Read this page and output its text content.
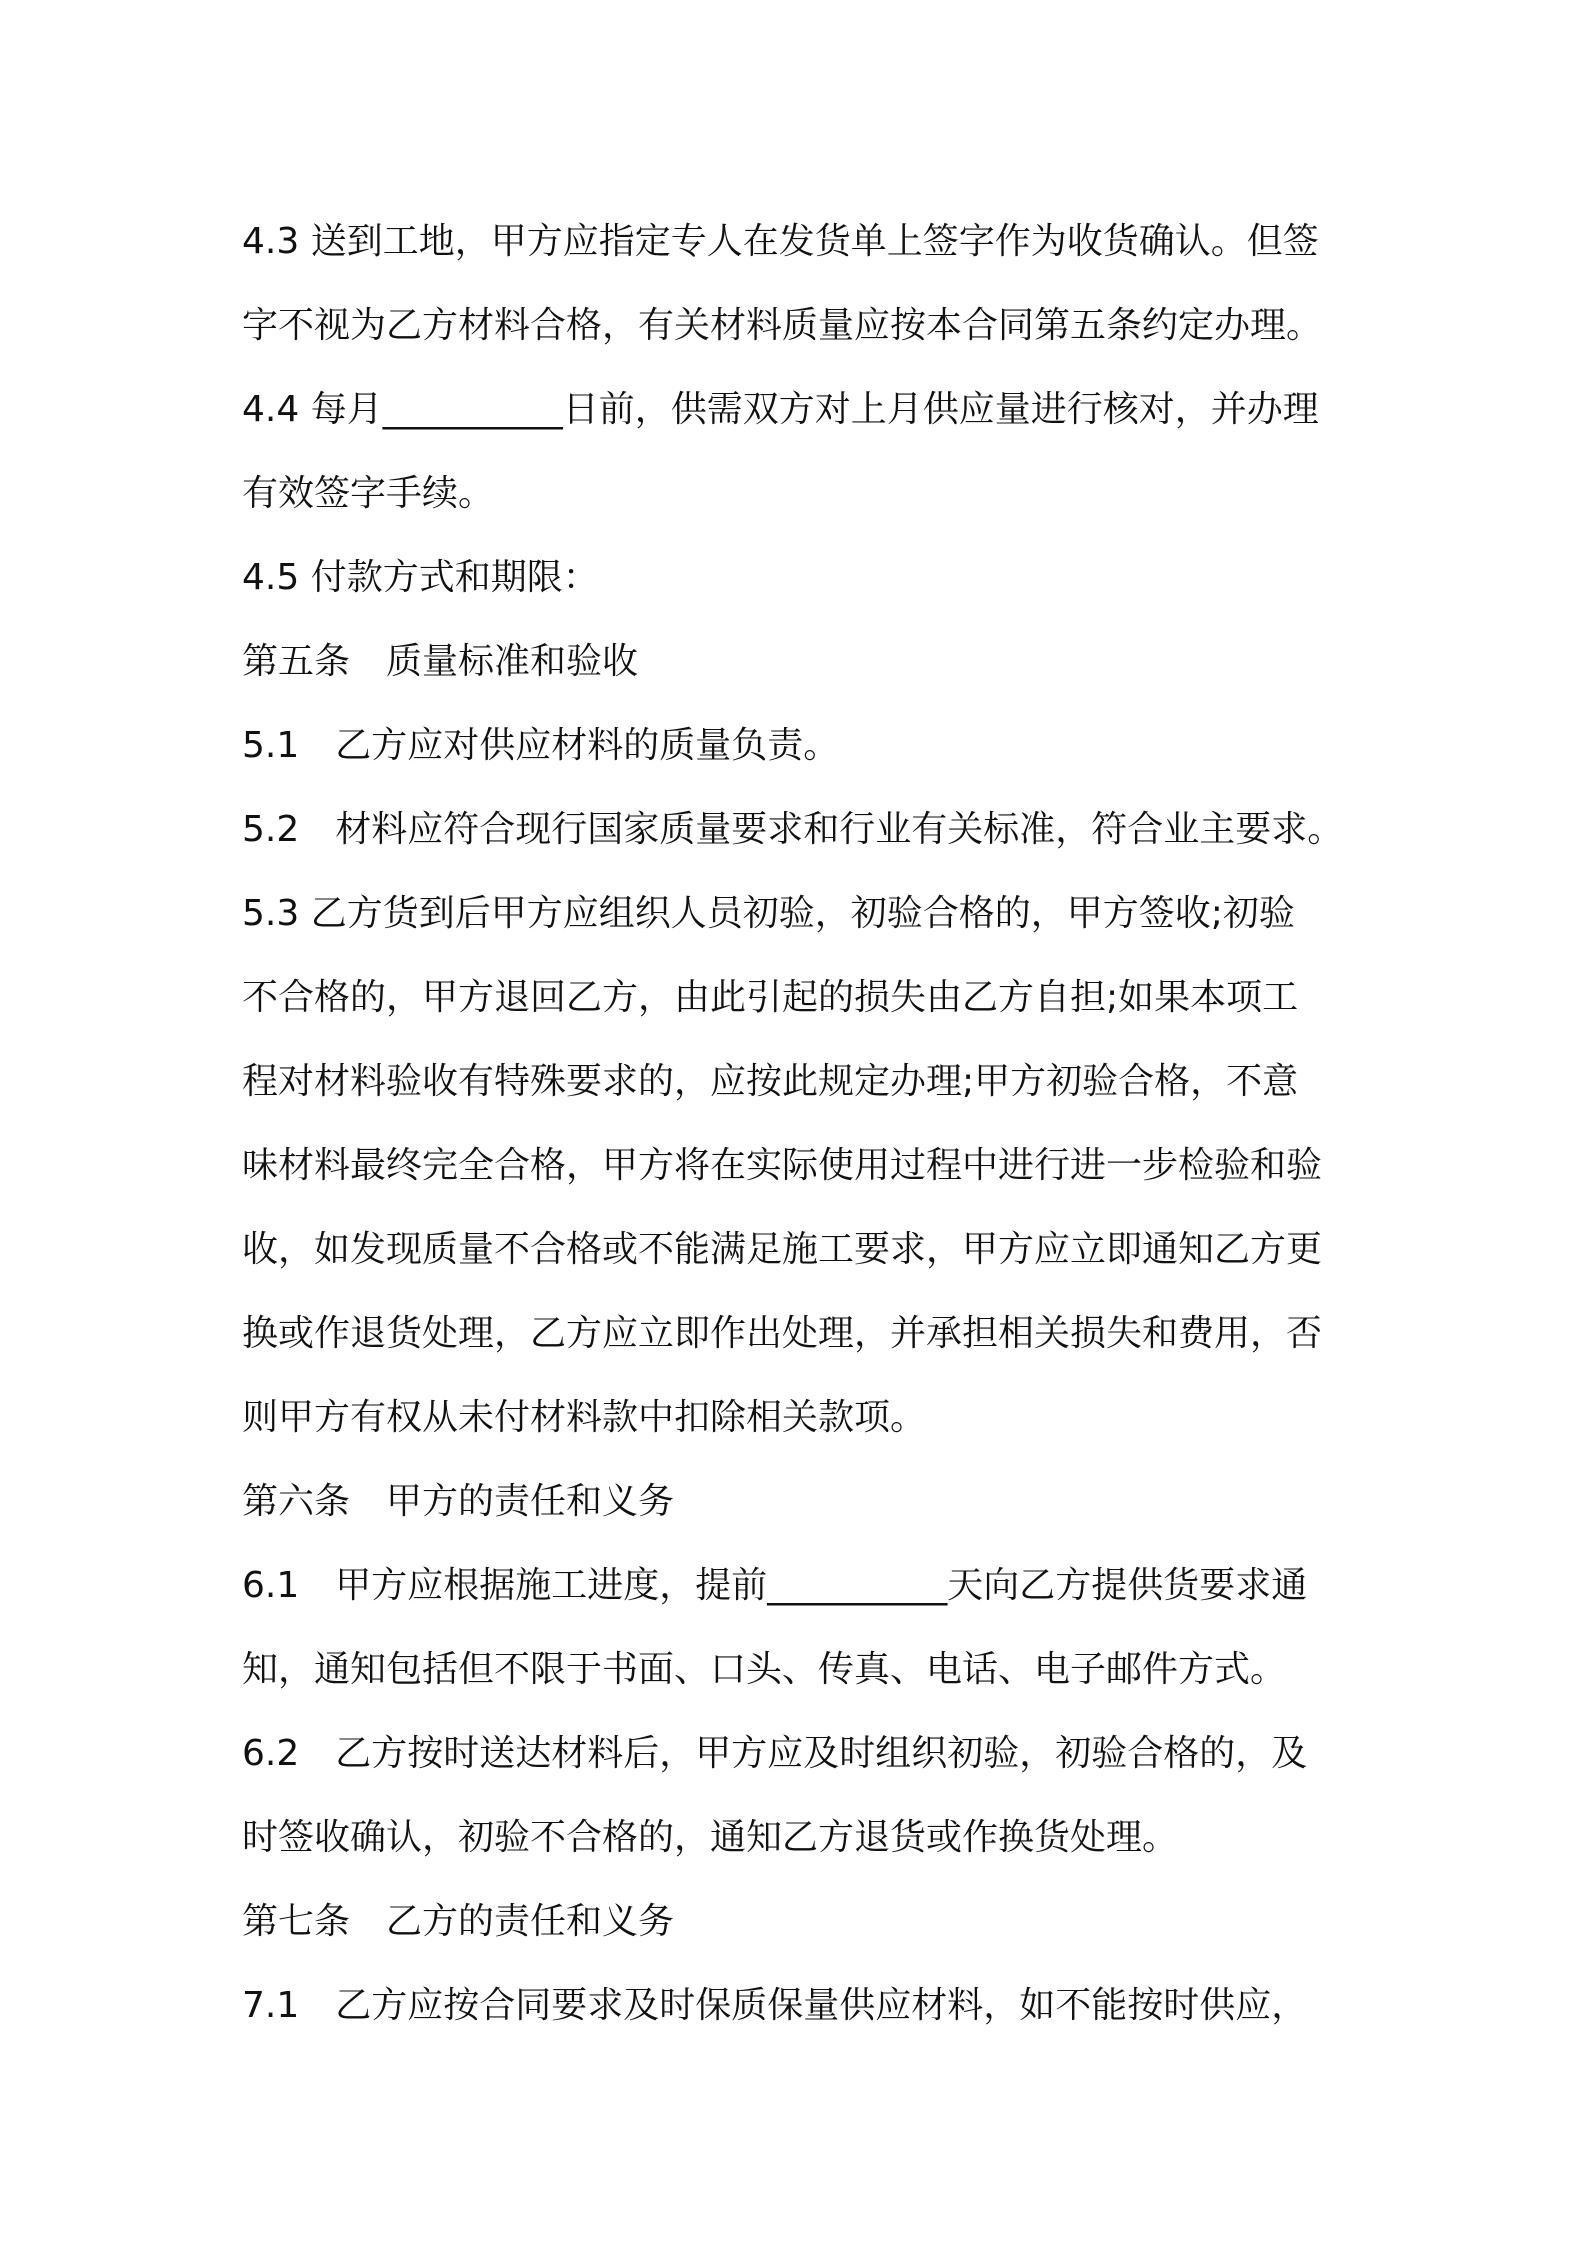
4.3 送到工地，甲方应指定专人在发货单上签字作为收货确认。但签
字不视为乙方材料合格，有关材料质量应按本合同第五条约定办理。
4.4 每月__________日前，供需双方对上月供应量进行核对，并办理
有效签字手续。
4.5 付款方式和期限：
第五条　质量标准和验收
5.1　乙方应对供应材料的质量负责。
5.2　材料应符合现行国家质量要求和行业有关标准，符合业主要求。
5.3 乙方货到后甲方应组织人员初验，初验合格的，甲方签收;初验
不合格的，甲方退回乙方，由此引起的损失由乙方自担;如果本项工
程对材料验收有特殊要求的，应按此规定办理;甲方初验合格，不意
味材料最终完全合格，甲方将在实际使用过程中进行进一步检验和验
收，如发现质量不合格或不能满足施工要求，甲方应立即通知乙方更
换或作退货处理，乙方应立即作出处理，并承担相关损失和费用，否
则甲方有权从未付材料款中扣除相关款项。
第六条　甲方的责任和义务
6.1　甲方应根据施工进度，提前__________天向乙方提供货要求通
知，通知包括但不限于书面、口头、传真、电话、电子邮件方式。
6.2　乙方按时送达材料后，甲方应及时组织初验，初验合格的，及
时签收确认，初验不合格的，通知乙方退货或作换货处理。
第七条　乙方的责任和义务
7.1　乙方应按合同要求及时保质保量供应材料，如不能按时供应，
